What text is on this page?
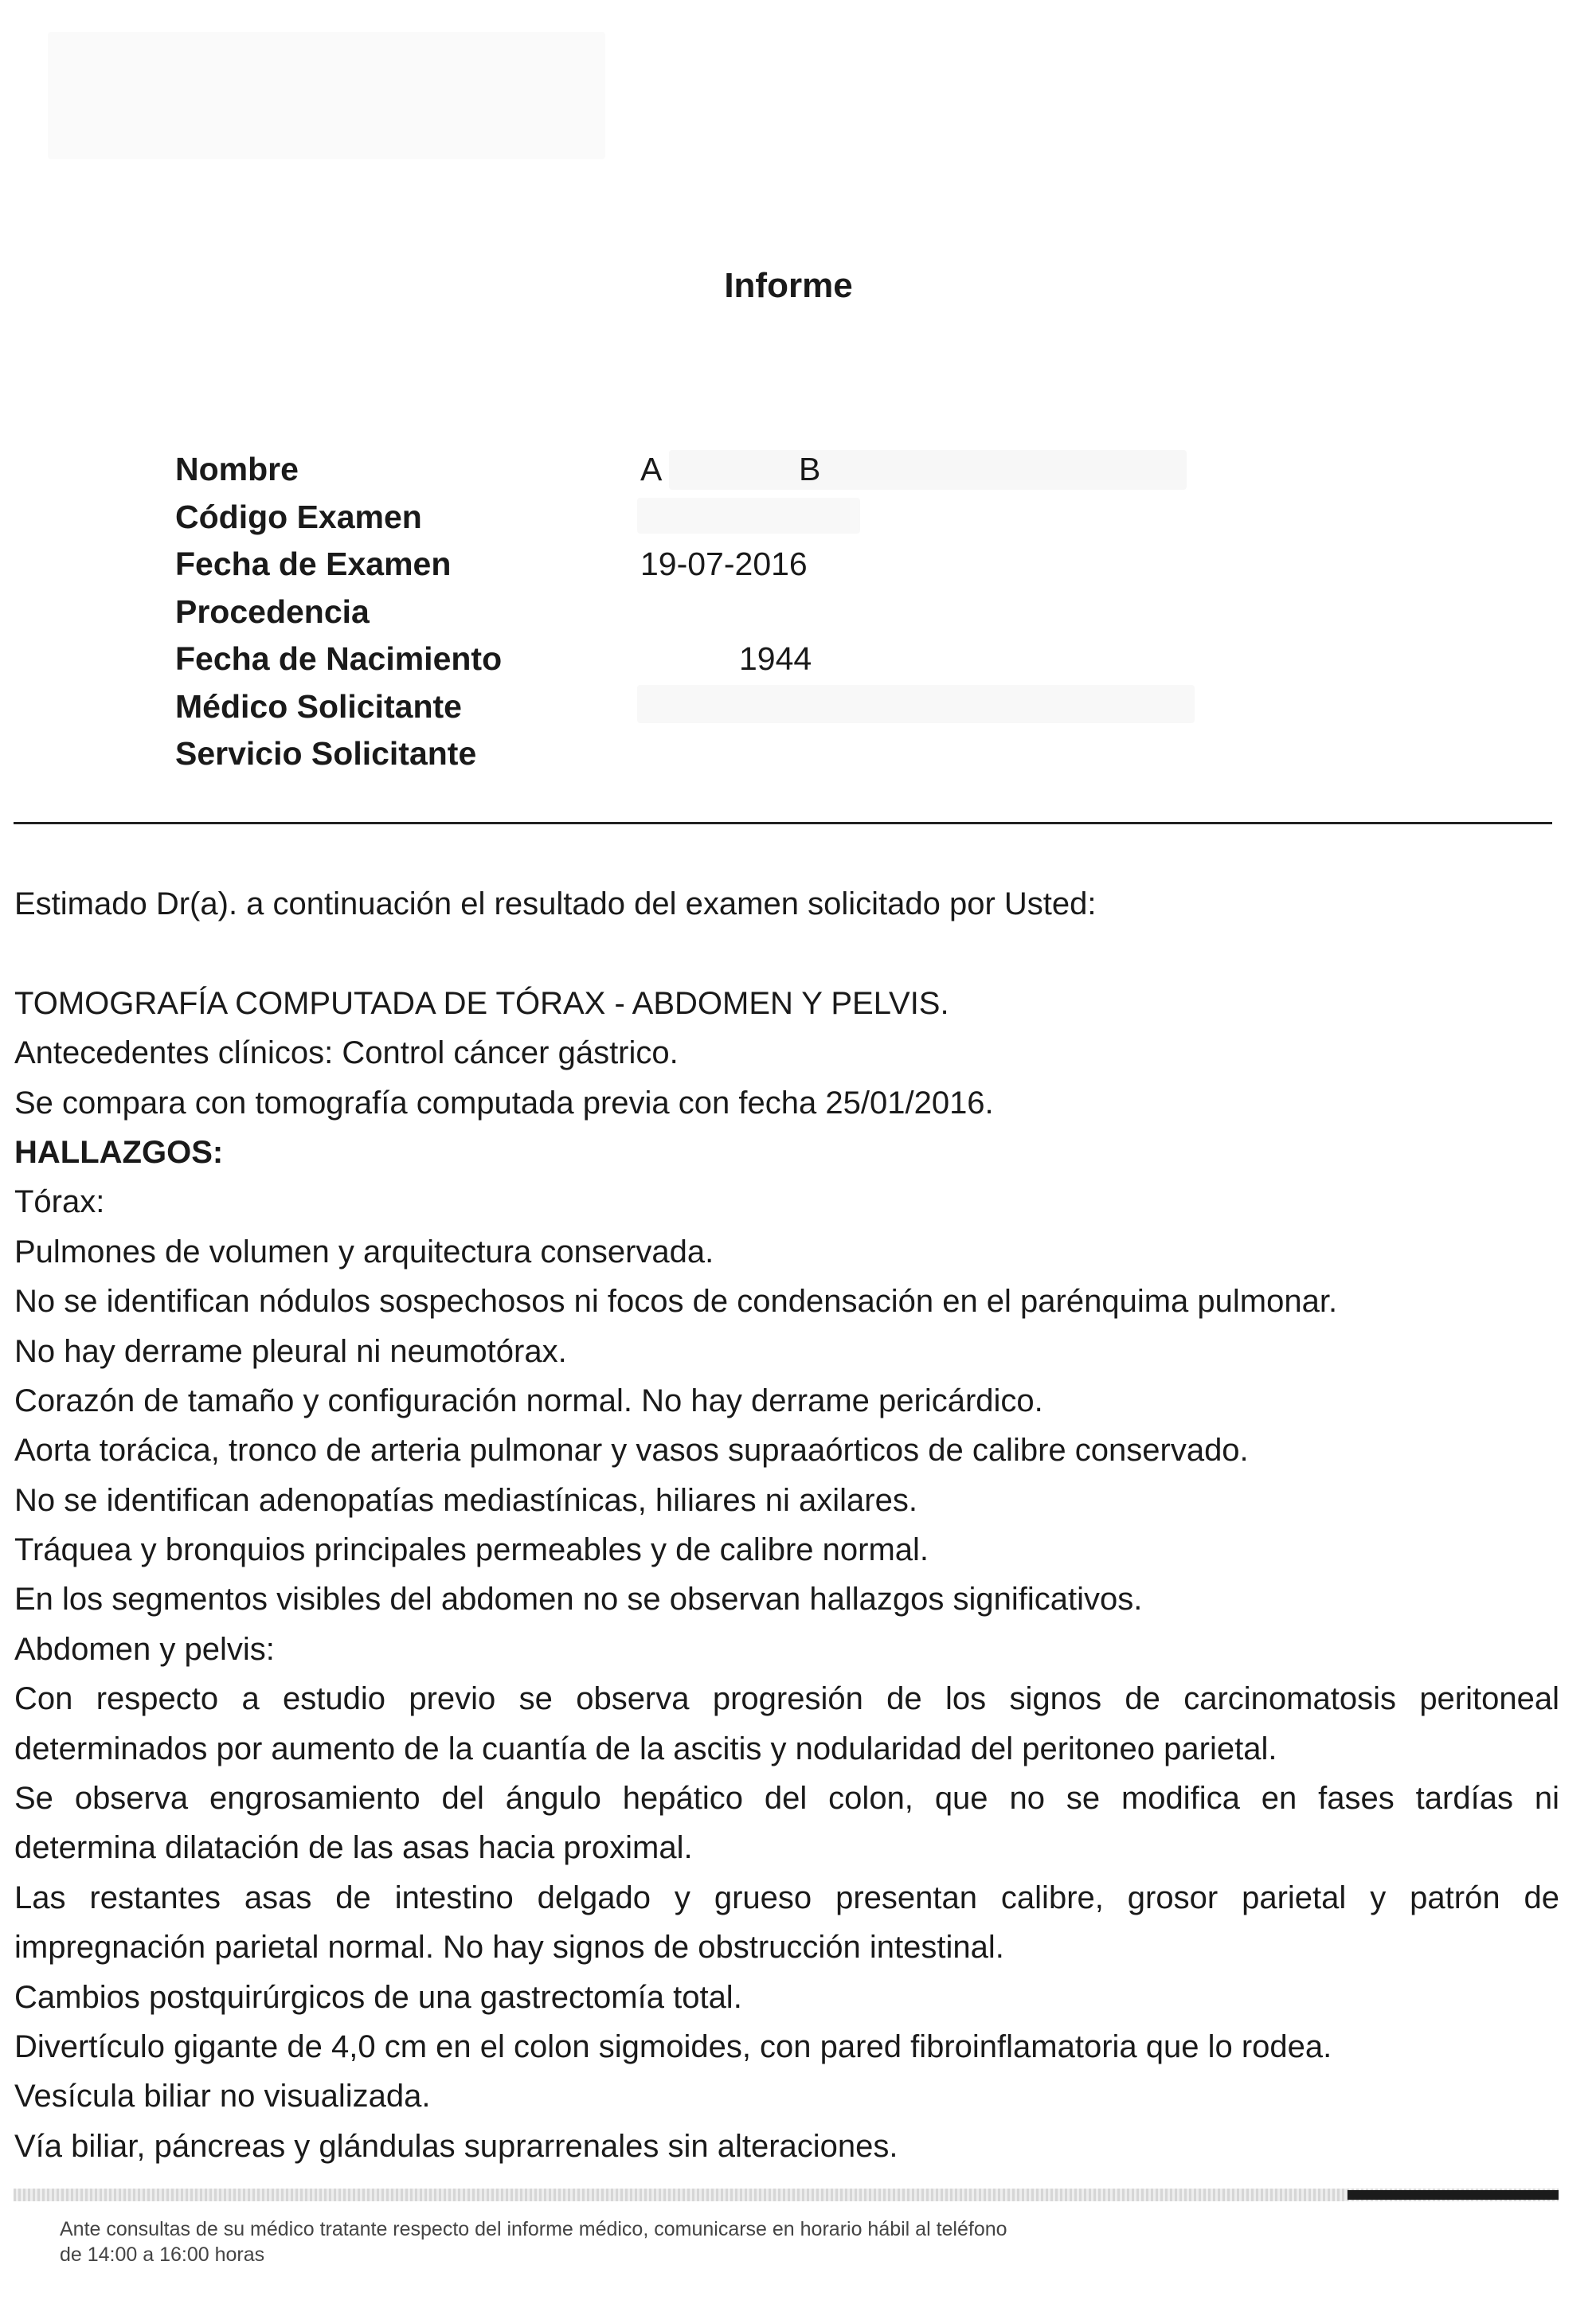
Informe
Nombre	A	B
Código Examen
Fecha de Examen	19-07-2016
Procedencia
Fecha de Nacimiento	1944
Médico Solicitante
Servicio Solicitante
Estimado Dr(a). a continuación el resultado del examen solicitado por Usted:
TOMOGRAFÍA COMPUTADA DE TÓRAX - ABDOMEN Y PELVIS.
Antecedentes clínicos: Control cáncer gástrico.
Se compara con tomografía computada previa con fecha 25/01/2016.
HALLAZGOS:
Tórax:
Pulmones de volumen y arquitectura conservada.
No se identifican nódulos sospechosos ni focos de condensación en el parénquima pulmonar.
No hay derrame pleural ni neumotórax.
Corazón de tamaño y configuración normal. No hay derrame pericárdico.
Aorta torácica, tronco de arteria pulmonar y vasos supraaórticos de calibre conservado.
No se identifican adenopatías mediastínicas, hiliares ni axilares.
Tráquea y bronquios principales permeables y de calibre normal.
En los segmentos visibles del abdomen no se observan hallazgos significativos.
Abdomen y pelvis:
Con respecto a estudio previo se observa progresión de los signos de carcinomatosis peritoneal
determinados por aumento de la cuantía de la ascitis y nodularidad del peritoneo parietal.
Se observa engrosamiento del ángulo hepático del colon, que no se modifica en fases tardías ni
determina dilatación de las asas hacia proximal.
Las restantes asas de intestino delgado y grueso presentan calibre, grosor parietal y patrón de
impregnación parietal normal. No hay signos de obstrucción intestinal.
Cambios postquirúrgicos de una gastrectomía total.
Divertículo gigante de 4,0 cm en el colon sigmoides, con pared fibroinflamatoria que lo rodea.
Vesícula biliar no visualizada.
Vía biliar, páncreas y glándulas suprarrenales sin alteraciones.
Ante consultas de su médico tratante respecto del informe médico, comunicarse en horario hábil al teléfono
de 14:00 a 16:00 horas
